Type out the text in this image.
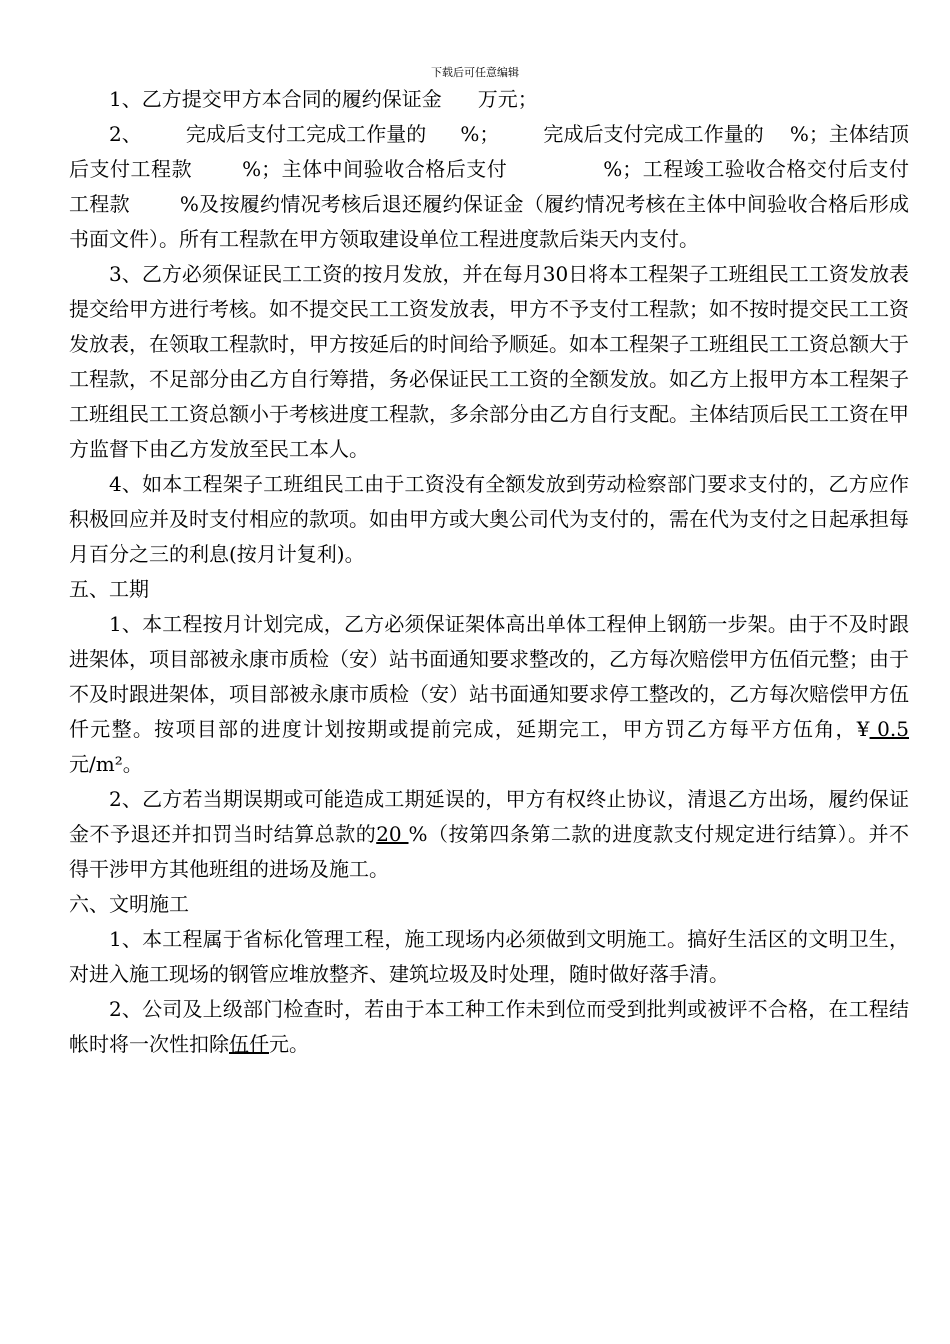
下载后可任意编辑

1、乙方提交甲方本合同的履约保证金 万元；

2、 完成后支付工完成工作量的 %； 完成后支付完成工作量的 %；主体结顶后支付工程款	%；主体中间验收合格后支付	%；工程竣工验收合格交付后支付工程款	%及按履约情况考核后退还履约保证金（履约情况考核在主体中间验收合格后形成书面文件）。所有工程款在甲方领取建设单位工程进度款后柒天内支付。

3、乙方必须保证民工工资的按月发放，并在每月30日将本工程架子工班组民工工资发放表提交给甲方进行考核。如不提交民工工资发放表，甲方不予支付工程款；如不按时提交民工工资发放表，在领取工程款时，甲方按延后的时间给予顺延。如本工程架子工班组民工工资总额大于工程款，不足部分由乙方自行筹措，务必保证民工工资的全额发放。如乙方上报甲方本工程架子工班组民工工资总额小于考核进度工程款，多余部分由乙方自行支配。主体结顶后民工工资在甲方监督下由乙方发放至民工本人。

4、如本工程架子工班组民工由于工资没有全额发放到劳动检察部门要求支付的，乙方应作积极回应并及时支付相应的款项。如由甲方或大奥公司代为支付的，需在代为支付之日起承担每月百分之三的利息(按月计复利)。

五、工期

1、本工程按月计划完成，乙方必须保证架体高出单体工程伸上钢筋一步架。由于不及时跟进架体，项目部被永康市质检（安）站书面通知要求整改的，乙方每次赔偿甲方伍佰元整；由于不及时跟进架体，项目部被永康市质检（安）站书面通知要求停工整改的，乙方每次赔偿甲方伍仟元整。按项目部的进度计划按期或提前完成，延期完工，甲方罚乙方每平方伍角，¥ 0.5 元/m²。

2、乙方若当期误期或可能造成工期延误的，甲方有权终止协议，清退乙方出场，履约保证金不予退还并扣罚当时结算总款的20 %（按第四条第二款的进度款支付规定进行结算）。并不得干涉甲方其他班组的进场及施工。

六、文明施工

1、本工程属于省标化管理工程，施工现场内必须做到文明施工。搞好生活区的文明卫生，对进入施工现场的钢管应堆放整齐、建筑垃圾及时处理，随时做好落手清。

2、公司及上级部门检查时，若由于本工种工作未到位而受到批判或被评不合格，在工程结帐时将一次性扣除伍仟元。
